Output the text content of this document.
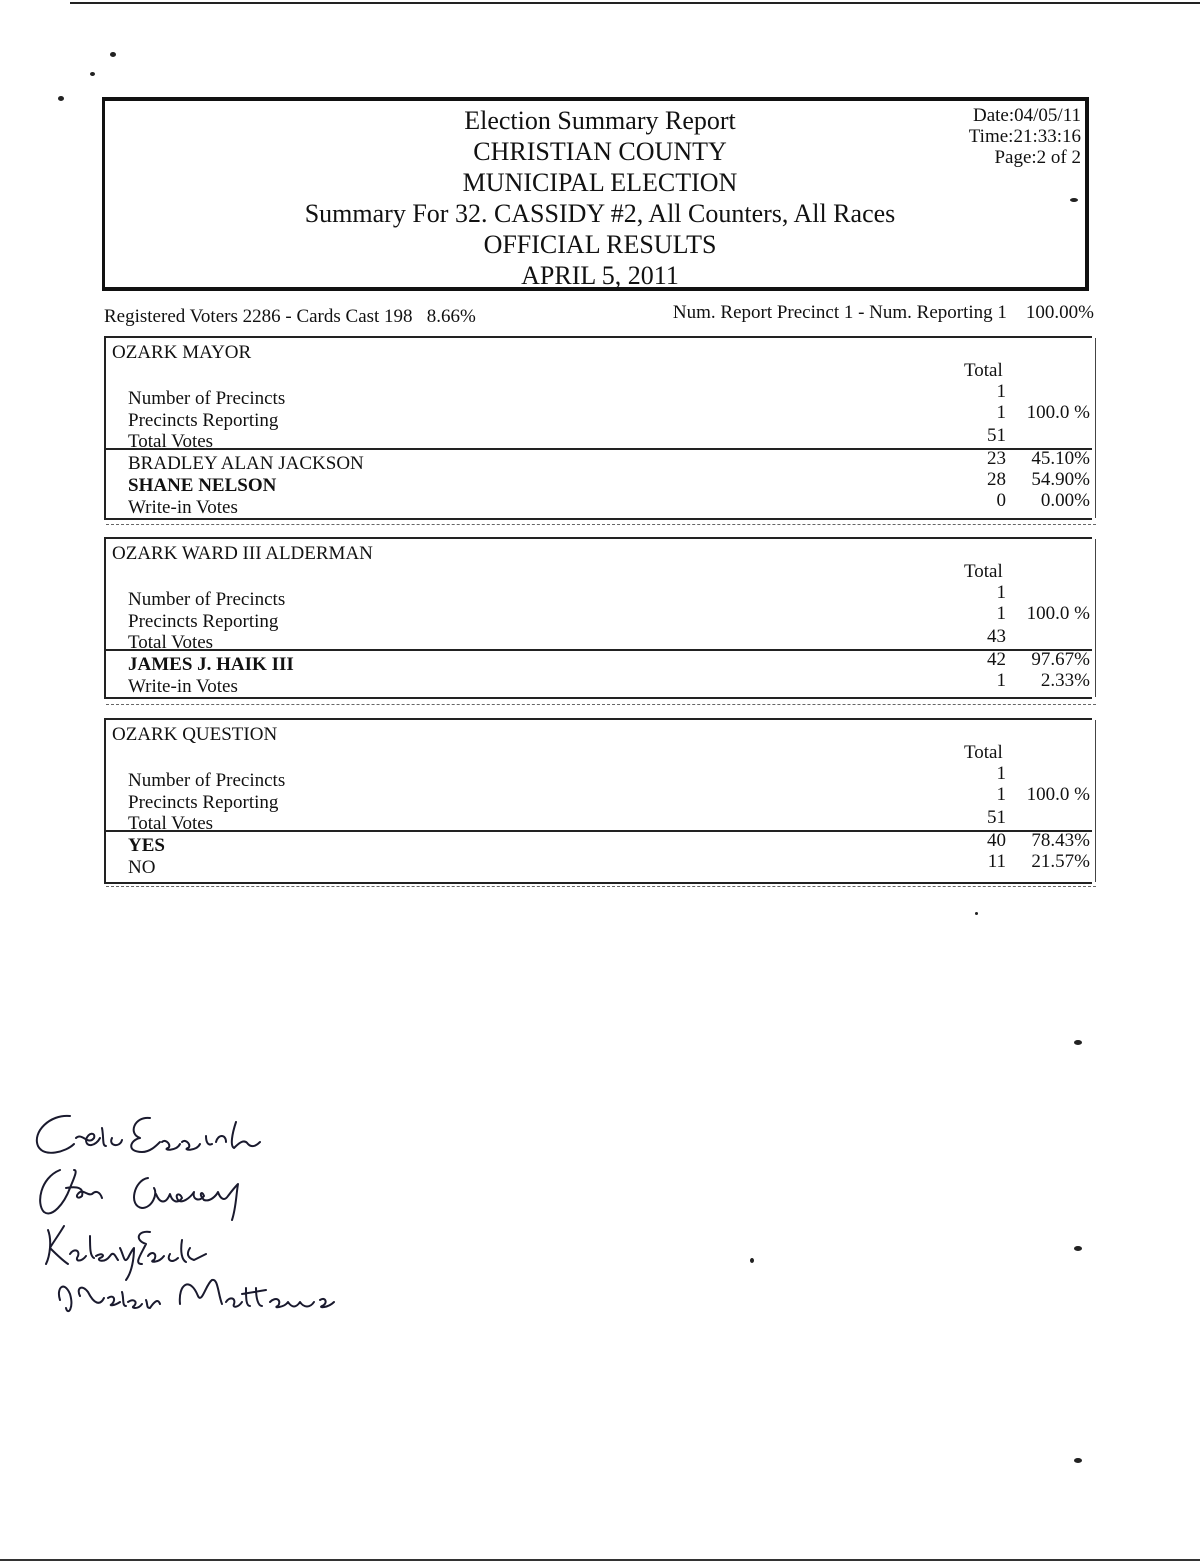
Election Summary Report
CHRISTIAN COUNTY
MUNICIPAL ELECTION
Summary For 32. CASSIDY #2, All Counters, All Races
OFFICIAL RESULTS
APRIL 5, 2011
Date:04/05/11
Time:21:33:16
Page:2 of 2
Registered Voters 2286 - Cards Cast 198 8.66%	Num. Report Precinct 1 - Num. Reporting 1 100.00%
OZARK MAYOR
Total
Number of Precincts	1
Precincts Reporting	1 100.0 %
Total Votes	51
BRADLEY ALAN JACKSON	23 45.10%
SHANE NELSON	28 54.90%
Write-in Votes	0 0.00%
OZARK WARD III ALDERMAN
Total
Number of Precincts	1
Precincts Reporting	1 100.0 %
Total Votes	43
JAMES J. HAIK III	42 97.67%
Write-in Votes	1 2.33%
OZARK QUESTION
Total
Number of Precincts	1
Precincts Reporting	1 100.0 %
Total Votes	51
YES	40 78.43%
NO	11 21.57%
